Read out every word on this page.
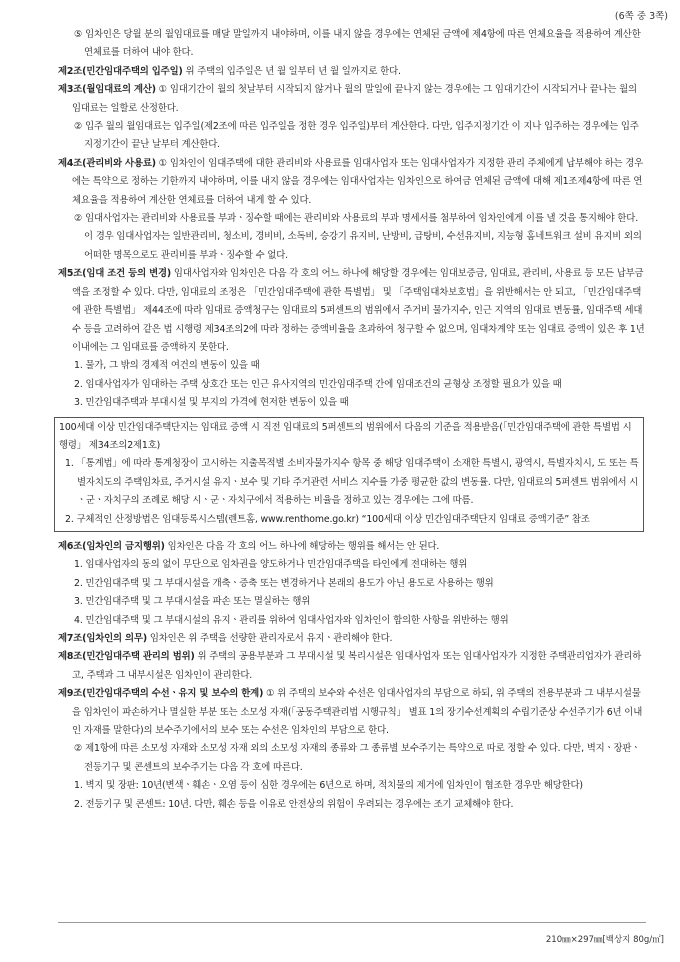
(6쪽 중 3쪽)

⑤ 임차인은 당월 분의 월임대료를 매달 말일까지 내야하며, 이를 내지 않을 경우에는 연체된 금액에 제4항에 따른 연체요율을 적용하여 계산한 연체료를 더하여 내야 한다.

제2조(민간임대주택의 입주일) 위 주택의 입주일은 년 월 일부터 년 월 일까지로 한다.

제3조(월임대료의 계산) ① 임대기간이 월의 첫날부터 시작되지 않거나 월의 말일에 끝나지 않는 경우에는 그 임대기간이 시작되거나 끝나는 월의 임대료는 일할로 산정한다.

② 입주 월의 월임대료는 입주일(제2조에 따른 입주일을 정한 경우 입주일)부터 계산한다. 다만, 입주지정기간 이 지나 입주하는 경우에는 입주지정기간이 끝난 날부터 계산한다.

제4조(관리비와 사용료) ① 임차인이 임대주택에 대한 관리비와 사용료를 임대사업자 또는 임대사업자가 지정한 관리 주체에게 납부해야 하는 경우에는 특약으로 정하는 기한까지 내야하며, 이를 내지 않을 경우에는 임대사업자는 임차인으로 하여금 연체된 금액에 대해 제1조제4항에 따른 연체요율을 적용하여 계산한 연체료를 더하여 내게 할 수 있다.

② 임대사업자는 관리비와 사용료를 부과ㆍ징수할 때에는 관리비와 사용료의 부과 명세서를 첨부하여 임차인에게 이를 낼 것을 통지해야 한다. 이 경우 임대사업자는 일반관리비, 청소비, 경비비, 소독비, 승강기 유지비, 난방비, 급탕비, 수선유지비, 지능형 홈네트워크 설비 유지비 외의 어떠한 명목으로도 관리비를 부과ㆍ징수할 수 없다.

제5조(임대 조건 등의 변경) 임대사업자와 임차인은 다음 각 호의 어느 하나에 해당할 경우에는 임대보증금, 임대료, 관리비, 사용료 등 모든 납부금액을 조정할 수 있다. 다만, 임대료의 조정은 「민간임대주택에 관한 특별법」 및 「주택임대차보호법」을 위반해서는 안 되고, 「민간임대주택에 관한 특별법」 제44조에 따라 임대료 증액청구는 임대료의 5퍼센트의 범위에서 주거비 물가지수, 인근 지역의 임대료 변동률, 임대주택 세대수 등을 고려하여 같은 법 시행령 제34조의2에 따라 정하는 증액비율을 초과하여 청구할 수 없으며, 임대차계약 또는 임대료 증액이 있은 후 1년 이내에는 그 임대료를 증액하지 못한다.

1. 물가, 그 밖의 경제적 여건의 변동이 있을 때

2. 임대사업자가 임대하는 주택 상호간 또는 인근 유사지역의 민간임대주택 간에 임대조건의 균형상 조정할 필요가 있을 때

3. 민간임대주택과 부대시설 및 부지의 가격에 현저한 변동이 있을 때

100세대 이상 민간임대주택단지는 임대료 증액 시 직전 임대료의 5퍼센트의 범위에서 다음의 기준을 적용받음(「민간임대주택에 관한 특별법 시행령」 제34조의2제1호)

1. 「통계법」에 따라 통계청장이 고시하는 지출목적별 소비자물가지수 항목 중 해당 임대주택이 소재한 특별시, 광역시, 특별자치시, 도 또는 특별자치도의 주택임차료, 주거시설 유지ㆍ보수 및 기타 주거관련 서비스 지수를 가중 평균한 값의 변동률. 다만, 임대료의 5퍼센트 범위에서 시ㆍ군ㆍ자치구의 조례로 해당 시ㆍ군ㆍ자치구에서 적용하는 비율을 정하고 있는 경우에는 그에 따름.

2. 구체적인 산정방법은 임대등록시스템(렌트홈, www.renthome.go.kr) “100세대 이상 민간임대주택단지 임대료 증액기준” 참조

제6조(임차인의 금지행위) 임차인은 다음 각 호의 어느 하나에 해당하는 행위를 해서는 안 된다.

1. 임대사업자의 동의 없이 무단으로 임차권을 양도하거나 민간임대주택을 타인에게 전대하는 행위

2. 민간임대주택 및 그 부대시설을 개축ㆍ증축 또는 변경하거나 본래의 용도가 아닌 용도로 사용하는 행위

3. 민간임대주택 및 그 부대시설을 파손 또는 멸실하는 행위

4. 민간임대주택 및 그 부대시설의 유지ㆍ관리를 위하여 임대사업자와 임차인이 합의한 사항을 위반하는 행위

제7조(임차인의 의무) 임차인은 위 주택을 선량한 관리자로서 유지ㆍ관리해야 한다.

제8조(민간임대주택 관리의 범위) 위 주택의 공용부분과 그 부대시설 및 복리시설은 임대사업자 또는 임대사업자가 지정한 주택관리업자가 관리하고, 주택과 그 내부시설은 임차인이 관리한다.

제9조(민간임대주택의 수선ㆍ유지 및 보수의 한계) ① 위 주택의 보수와 수선은 임대사업자의 부담으로 하되, 위 주택의 전용부분과 그 내부시설물을 임차인이 파손하거나 멸실한 부분 또는 소모성 자재(「공동주택관리법 시행규칙」 별표 1의 장기수선계획의 수립기준상 수선주기가 6년 이내인 자재를 말한다)의 보수주기에서의 보수 또는 수선은 임차인의 부담으로 한다.

② 제1항에 따른 소모성 자재와 소모성 자재 외의 소모성 자재의 종류와 그 종류별 보수주기는 특약으로 따로 정할 수 있다. 다만, 벽지ㆍ장판ㆍ전등기구 및 콘센트의 보수주기는 다음 각 호에 따른다.

1. 벽지 및 장판: 10년(변색ㆍ훼손ㆍ오염 등이 심한 경우에는 6년으로 하며, 적치물의 제거에 임차인이 협조한 경우만 해당한다)

2. 전등기구 및 콘센트: 10년. 다만, 훼손 등을 이유로 안전상의 위험이 우려되는 경우에는 조기 교체해야 한다.

210㎜×297㎜[백상지 80g/㎡]
